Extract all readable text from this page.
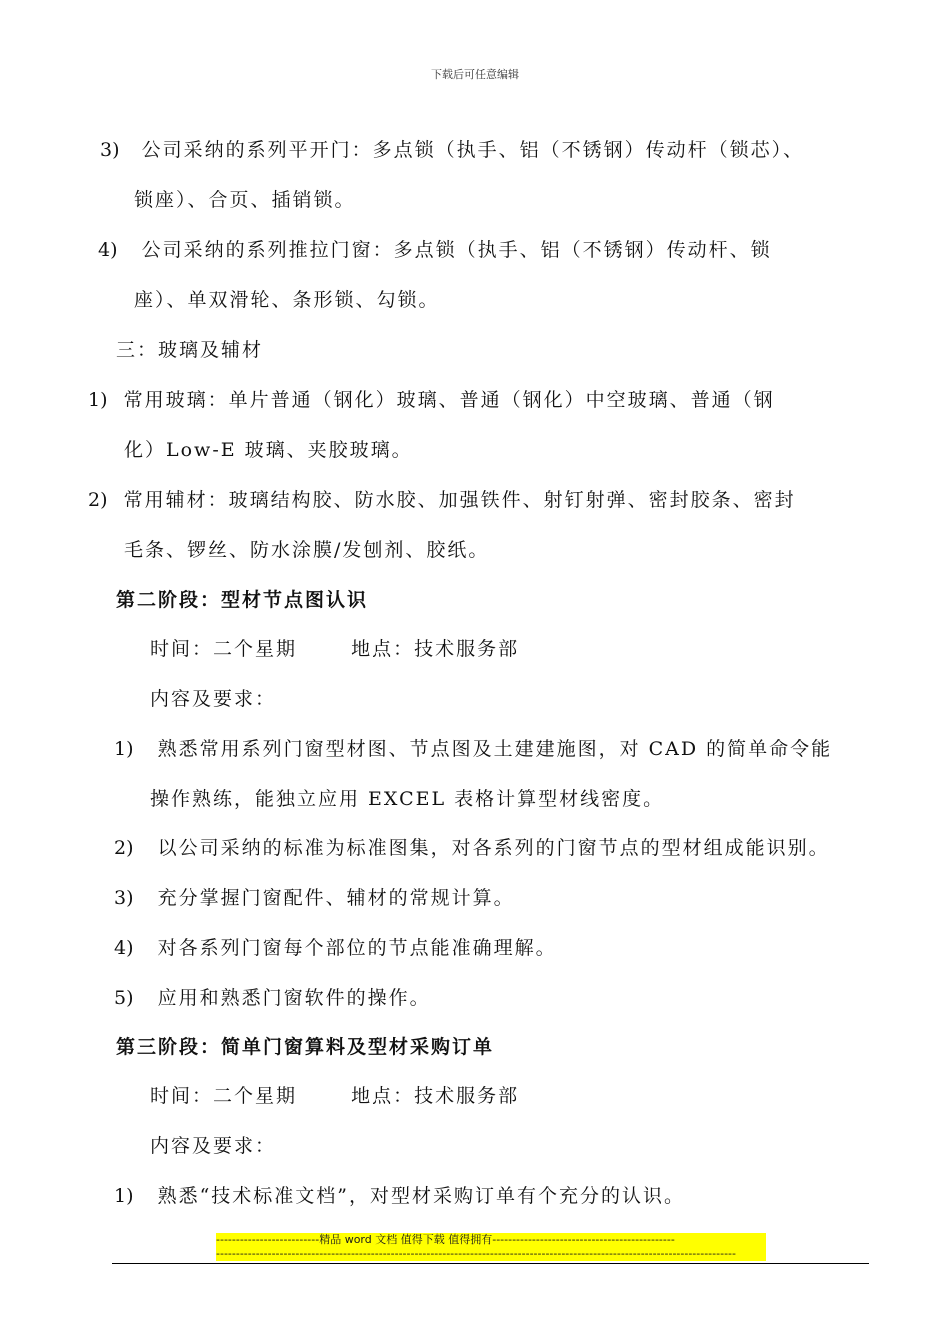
下载后可任意编辑
3) 公司采纳的系列平开门：多点锁（执手、铝（不锈钢）传动杆（锁芯）、
锁座）、合页、插销锁。
4) 公司采纳的系列推拉门窗：多点锁（执手、铝（不锈钢）传动杆、锁
座）、单双滑轮、条形锁、勾锁。
三：玻璃及辅材
1) 常用玻璃：单片普通（钢化）玻璃、普通（钢化）中空玻璃、普通（钢
化）Low-E 玻璃、夹胶玻璃。
2) 常用辅材：玻璃结构胶、防水胶、加强铁件、射钉射弹、密封胶条、密封
毛条、锣丝、防水涂膜/发刨剂、胶纸。
第二阶段：型材节点图认识
时间：二个星期	地点：技术服务部
内容及要求：
1) 熟悉常用系列门窗型材图、节点图及土建建施图，对 CAD 的简单命令能
操作熟练，能独立应用 EXCEL 表格计算型材线密度。
2) 以公司采纳的标准为标准图集，对各系列的门窗节点的型材组成能识别。
3) 充分掌握门窗配件、辅材的常规计算。
4) 对各系列门窗每个部位的节点能准确理解。
5) 应用和熟悉门窗软件的操作。
第三阶段：简单门窗算料及型材采购订单
时间：二个星期	地点：技术服务部
内容及要求：
1) 熟悉“技术标准文档”，对型材采购订单有个充分的认识。
--------------------------精品 word 文档 值得下载 值得拥有----------------------------------------------
-----------------------------------------------------------------------------------------------------------------------------------
